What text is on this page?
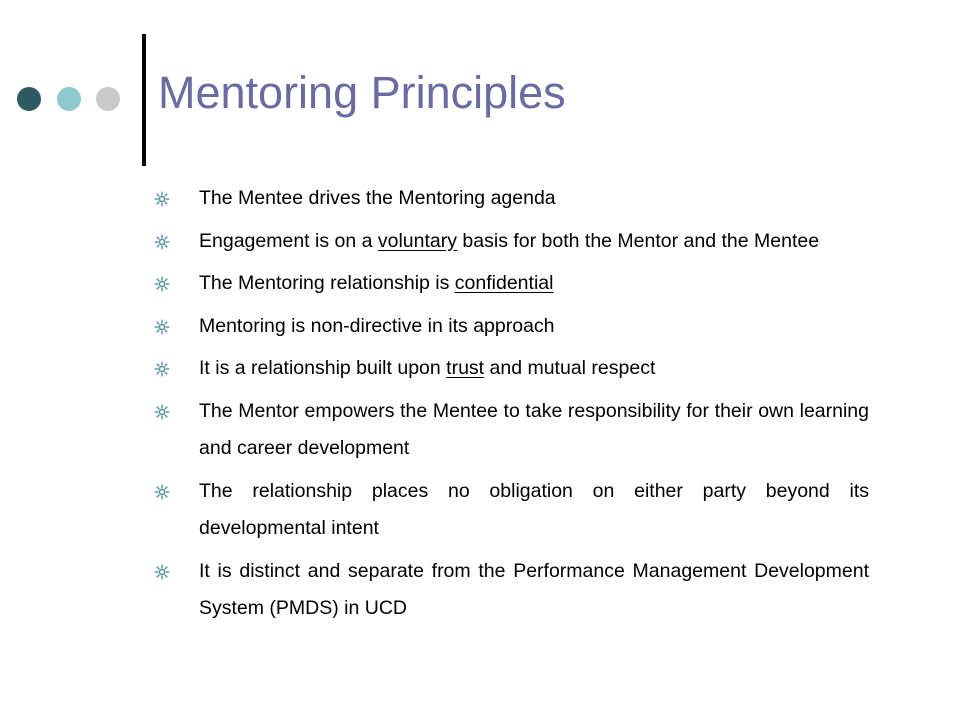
Mentoring Principles
The Mentee drives the Mentoring agenda
Engagement is on a voluntary basis for both the Mentor and the Mentee
The Mentoring relationship is confidential
Mentoring is non-directive in its approach
It is a relationship built upon trust and mutual respect
The Mentor empowers the Mentee to take responsibility for their own learning and career development
The relationship places no obligation on either party beyond its developmental intent
It is distinct and separate from the Performance Management Development System (PMDS) in UCD
